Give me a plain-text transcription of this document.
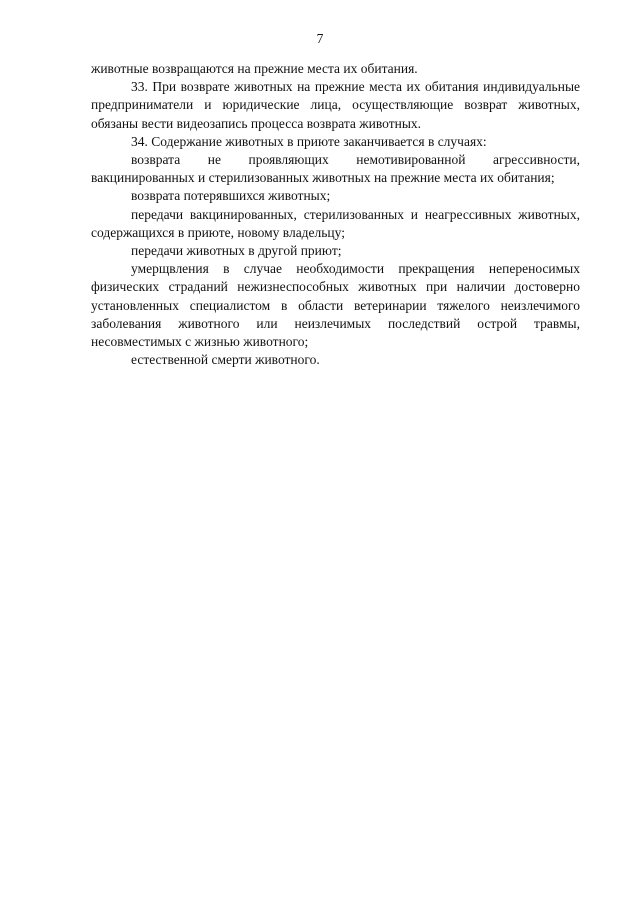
7

животные возвращаются на прежние места их обитания.

33. При возврате животных на прежние места их обитания индивидуальные предприниматели и юридические лица, осуществляющие возврат животных, обязаны вести видеозапись процесса возврата животных.

34. Содержание животных в приюте заканчивается в случаях:

возврата не проявляющих немотивированной агрессивности, вакцинированных и стерилизованных животных на прежние места их обитания;

возврата потерявшихся животных;

передачи вакцинированных, стерилизованных и неагрессивных животных, содержащихся в приюте, новому владельцу;

передачи животных в другой приют;

умерщвления в случае необходимости прекращения непереносимых физических страданий нежизнеспособных животных при наличии достоверно установленных специалистом в области ветеринарии тяжелого неизлечимого заболевания животного или неизлечимых последствий острой травмы, несовместимых с жизнью животного;

естественной смерти животного.
